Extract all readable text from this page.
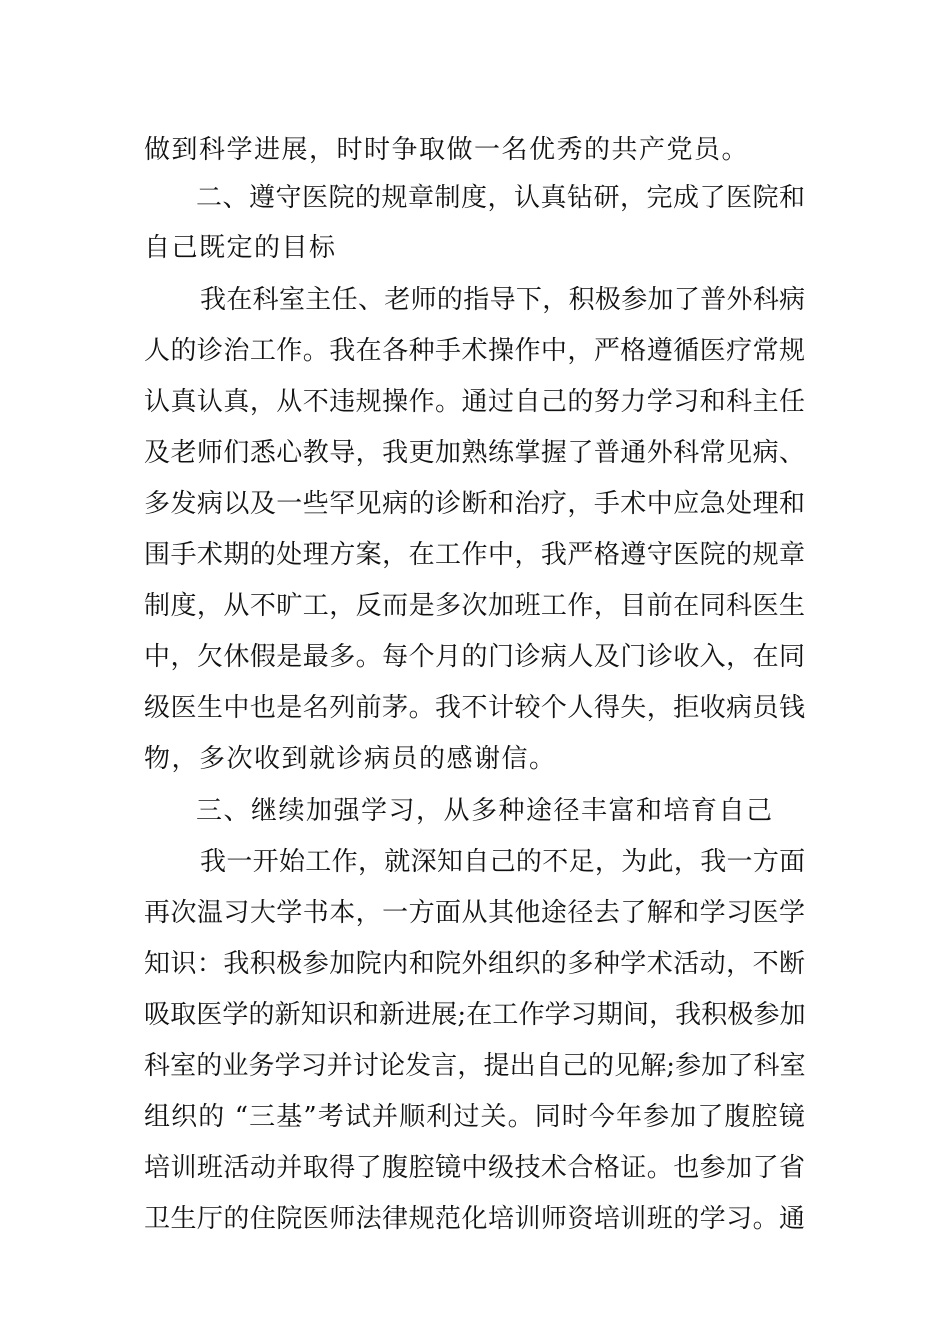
做到科学进展，时时争取做一名优秀的共产党员。
二、遵守医院的规章制度，认真钻研，完成了医院和
自己既定的目标
我在科室主任、老师的指导下，积极参加了普外科病
人的诊治工作。我在各种手术操作中，严格遵循医疗常规
认真认真，从不违规操作。通过自己的努力学习和科主任
及老师们悉心教导，我更加熟练掌握了普通外科常见病、
多发病以及一些罕见病的诊断和治疗，手术中应急处理和
围手术期的处理方案，在工作中，我严格遵守医院的规章
制度，从不旷工，反而是多次加班工作，目前在同科医生
中，欠休假是最多。每个月的门诊病人及门诊收入，在同
级医生中也是名列前茅。我不计较个人得失，拒收病员钱
物，多次收到就诊病员的感谢信。
三、继续加强学习，从多种途径丰富和培育自己
我一开始工作，就深知自己的不足，为此，我一方面
再次温习大学书本，一方面从其他途径去了解和学习医学
知识：我积极参加院内和院外组织的多种学术活动，不断
吸取医学的新知识和新进展;在工作学习期间，我积极参加
科室的业务学习并讨论发言，提出自己的见解;参加了科室
组织的 “三基”考试并顺利过关。同时今年参加了腹腔镜
培训班活动并取得了腹腔镜中级技术合格证。也参加了省
卫生厅的住院医师法律规范化培训师资培训班的学习。通
